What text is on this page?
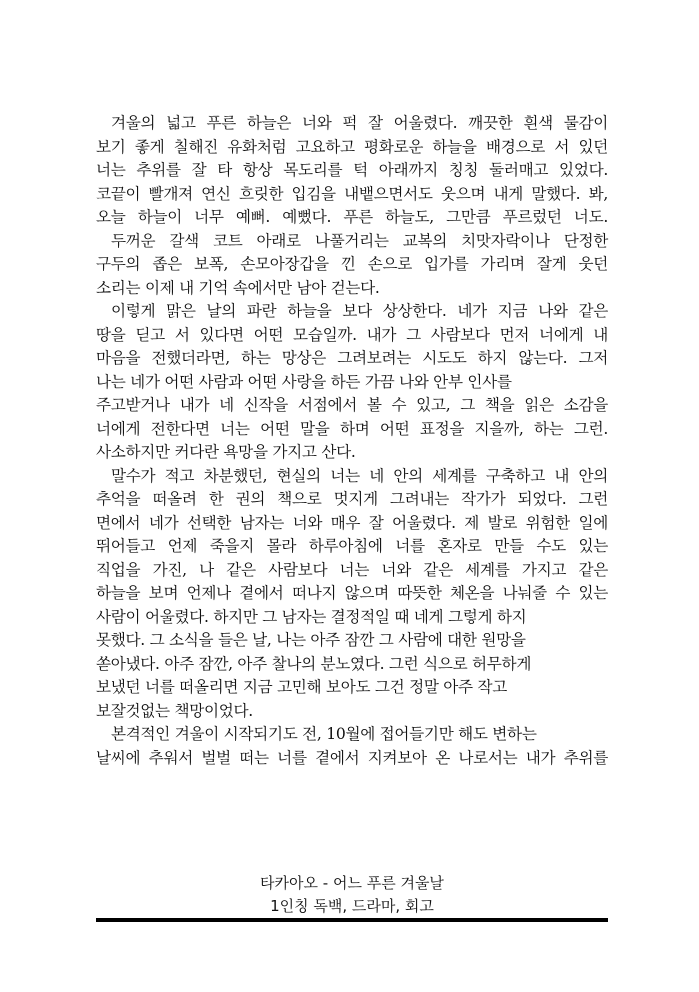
겨울의 넓고 푸른 하늘은 너와 퍽 잘 어울렸다. 깨끗한 흰색 물감이
보기 좋게 칠해진 유화처럼 고요하고 평화로운 하늘을 배경으로 서 있던
너는 추위를 잘 타 항상 목도리를 턱 아래까지 칭칭 둘러매고 있었다.
코끝이 빨개져 연신 흐릿한 입김을 내뱉으면서도 웃으며 내게 말했다. 봐,
오늘 하늘이 너무 예뻐. 예뻤다. 푸른 하늘도, 그만큼 푸르렀던 너도.
두꺼운 갈색 코트 아래로 나풀거리는 교복의 치맛자락이나 단정한
구두의 좁은 보폭, 손모아장갑을 낀 손으로 입가를 가리며 잘게 웃던
소리는 이제 내 기억 속에서만 남아 걷는다.
이렇게 맑은 날의 파란 하늘을 보다 상상한다. 네가 지금 나와 같은
땅을 딛고 서 있다면 어떤 모습일까. 내가 그 사람보다 먼저 너에게 내
마음을 전했더라면, 하는 망상은 그려보려는 시도도 하지 않는다. 그저
나는 네가 어떤 사람과 어떤 사랑을 하든 가끔 나와 안부 인사를
주고받거나 내가 네 신작을 서점에서 볼 수 있고, 그 책을 읽은 소감을
너에게 전한다면 너는 어떤 말을 하며 어떤 표정을 지을까, 하는 그런.
사소하지만 커다란 욕망을 가지고 산다.
말수가 적고 차분했던, 현실의 너는 네 안의 세계를 구축하고 내 안의
추억을 떠올려 한 권의 책으로 멋지게 그려내는 작가가 되었다. 그런
면에서 네가 선택한 남자는 너와 매우 잘 어울렸다. 제 발로 위험한 일에
뛰어들고 언제 죽을지 몰라 하루아침에 너를 혼자로 만들 수도 있는
직업을 가진, 나 같은 사람보다 너는 너와 같은 세계를 가지고 같은
하늘을 보며 언제나 곁에서 떠나지 않으며 따뜻한 체온을 나눠줄 수 있는
사람이 어울렸다. 하지만 그 남자는 결정적일 때 네게 그렇게 하지
못했다. 그 소식을 들은 날, 나는 아주 잠깐 그 사람에 대한 원망을
쏟아냈다. 아주 잠깐, 아주 찰나의 분노였다. 그런 식으로 허무하게
보냈던 너를 떠올리면 지금 고민해 보아도 그건 정말 아주 작고
보잘것없는 책망이었다.
본격적인 겨울이 시작되기도 전, 10월에 접어들기만 해도 변하는
날씨에 추워서 벌벌 떠는 너를 곁에서 지켜보아 온 나로서는 내가 추위를
타카아오 - 어느 푸른 겨울날
1인칭 독백, 드라마, 회고
